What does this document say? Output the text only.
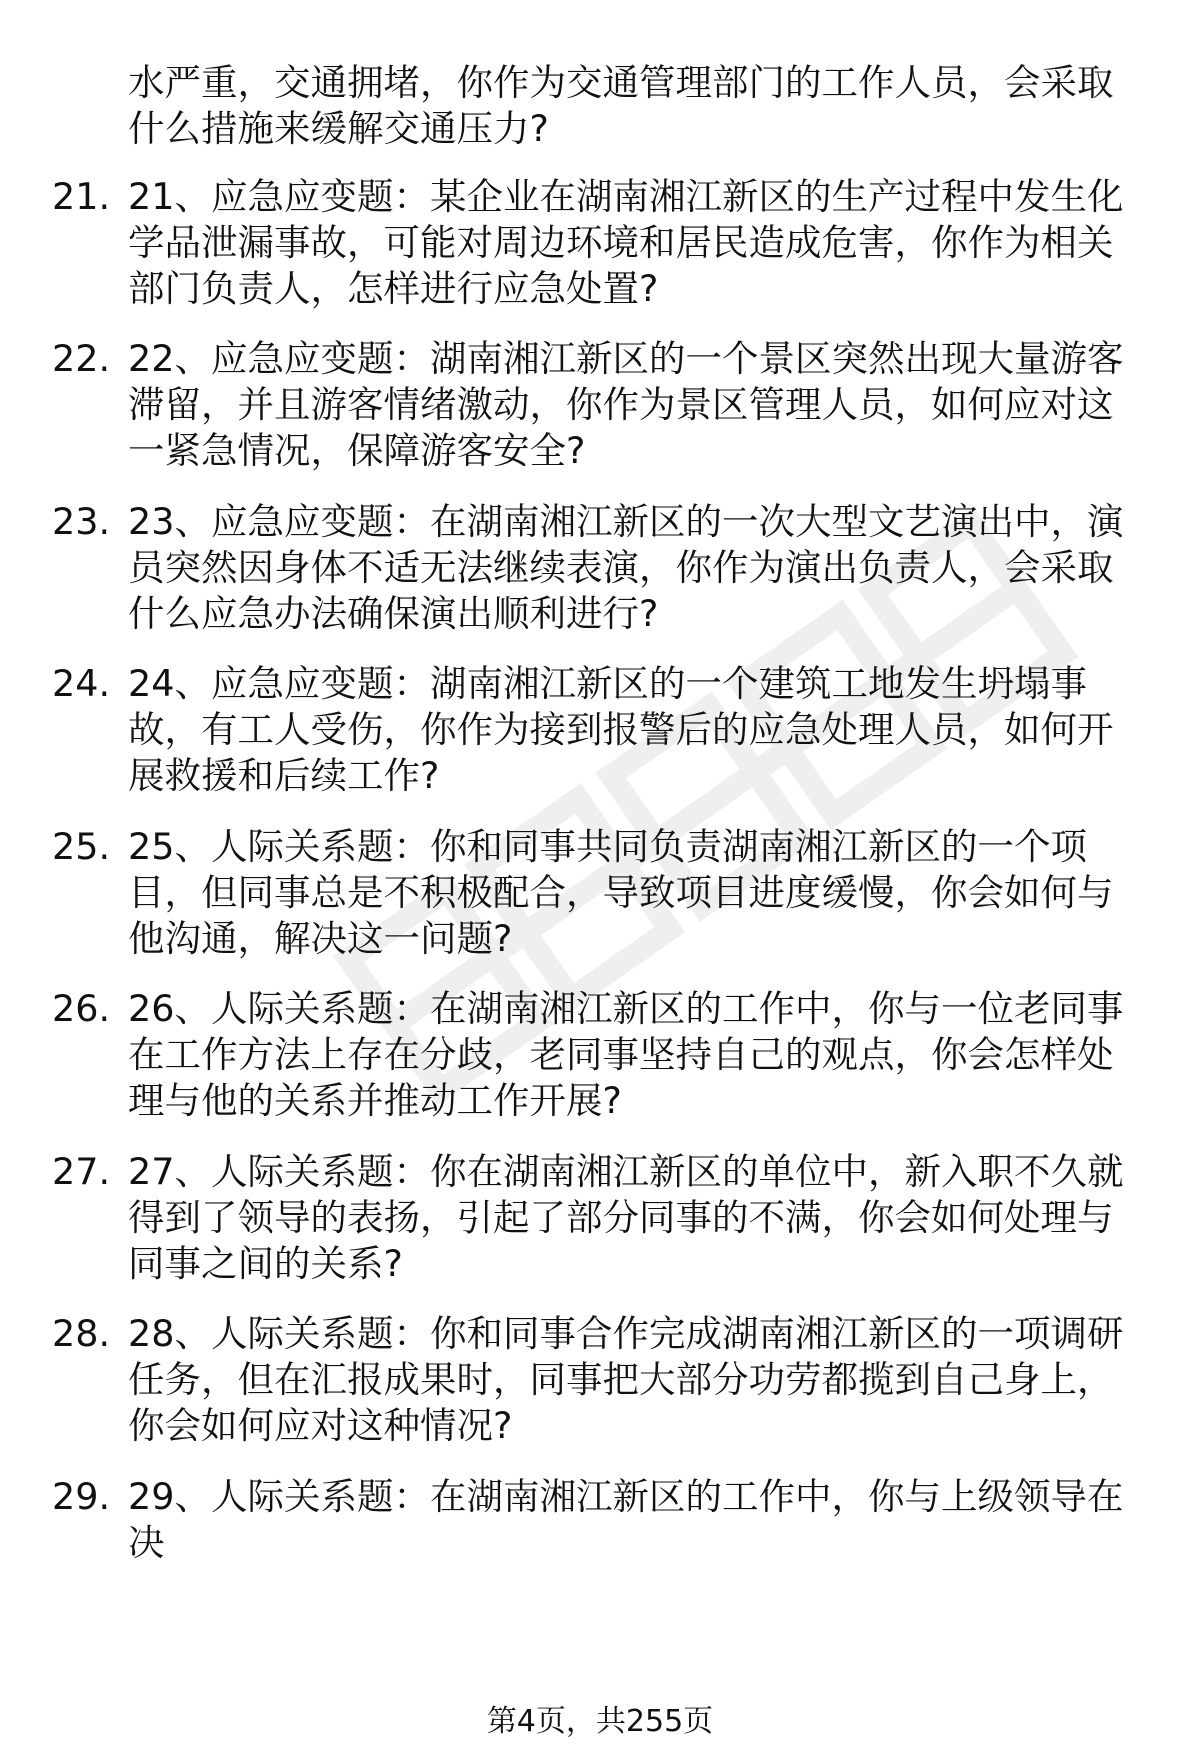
水严重，交通拥堵，你作为交通管理部门的工作人员，会采取什么措施来缓解交通压力?
21. 21、应急应变题：某企业在湖南湘江新区的生产过程中发生化学品泄漏事故，可能对周边环境和居民造成危害，你作为相关部门负责人，怎样进行应急处置?
22. 22、应急应变题：湖南湘江新区的一个景区突然出现大量游客滞留，并且游客情绪激动，你作为景区管理人员，如何应对这一紧急情况，保障游客安全?
23. 23、应急应变题：在湖南湘江新区的一次大型文艺演出中，演员突然因身体不适无法继续表演，你作为演出负责人，会采取什么应急办法确保演出顺利进行?
24. 24、应急应变题：湖南湘江新区的一个建筑工地发生坍塌事故，有工人受伤，你作为接到报警后的应急处理人员，如何开展救援和后续工作?
25. 25、人际关系题：你和同事共同负责湖南湘江新区的一个项目，但同事总是不积极配合，导致项目进度缓慢，你会如何与他沟通，解决这一问题?
26. 26、人际关系题：在湖南湘江新区的工作中，你与一位老同事在工作方法上存在分歧，老同事坚持自己的观点，你会怎样处理与他的关系并推动工作开展?
27. 27、人际关系题：你在湖南湘江新区的单位中，新入职不久就得到了领导的表扬，引起了部分同事的不满，你会如何处理与同事之间的关系?
28. 28、人际关系题：你和同事合作完成湖南湘江新区的一项调研任务，但在汇报成果时，同事把大部分功劳都揽到自己身上，你会如何应对这种情况?
29. 29、人际关系题：在湖南湘江新区的工作中，你与上级领导在决
第4页，共255页
